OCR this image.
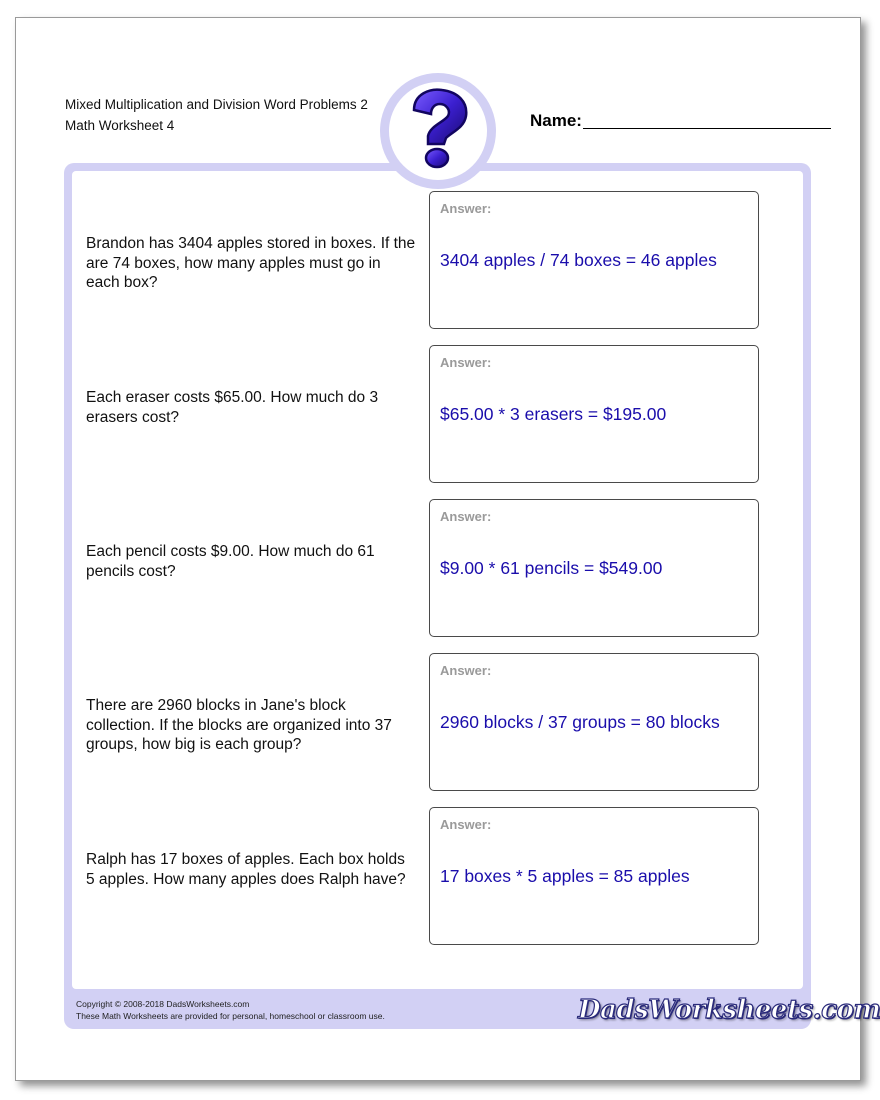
Mixed Multiplication and Division Word Problems 2
Math Worksheet 4	Name:
Brandon has 3404 apples stored in boxes. If the are 74 boxes, how many apples must go in each box?
Answer:
3404 apples / 74 boxes = 46 apples
Each eraser costs $65.00. How much do 3 erasers cost?
Answer:
$65.00 * 3 erasers = $195.00
Each pencil costs $9.00. How much do 61 pencils cost?
Answer:
$9.00 * 61 pencils = $549.00
There are 2960 blocks in Jane's block collection. If the blocks are organized into 37 groups, how big is each group?
Answer:
2960 blocks / 37 groups = 80 blocks
Ralph has 17 boxes of apples. Each box holds 5 apples. How many apples does Ralph have?
Answer:
17 boxes * 5 apples = 85 apples
Copyright © 2008-2018 DadsWorksheets.com
These Math Worksheets are provided for personal, homeschool or classroom use.	DadsWorksheets.com
